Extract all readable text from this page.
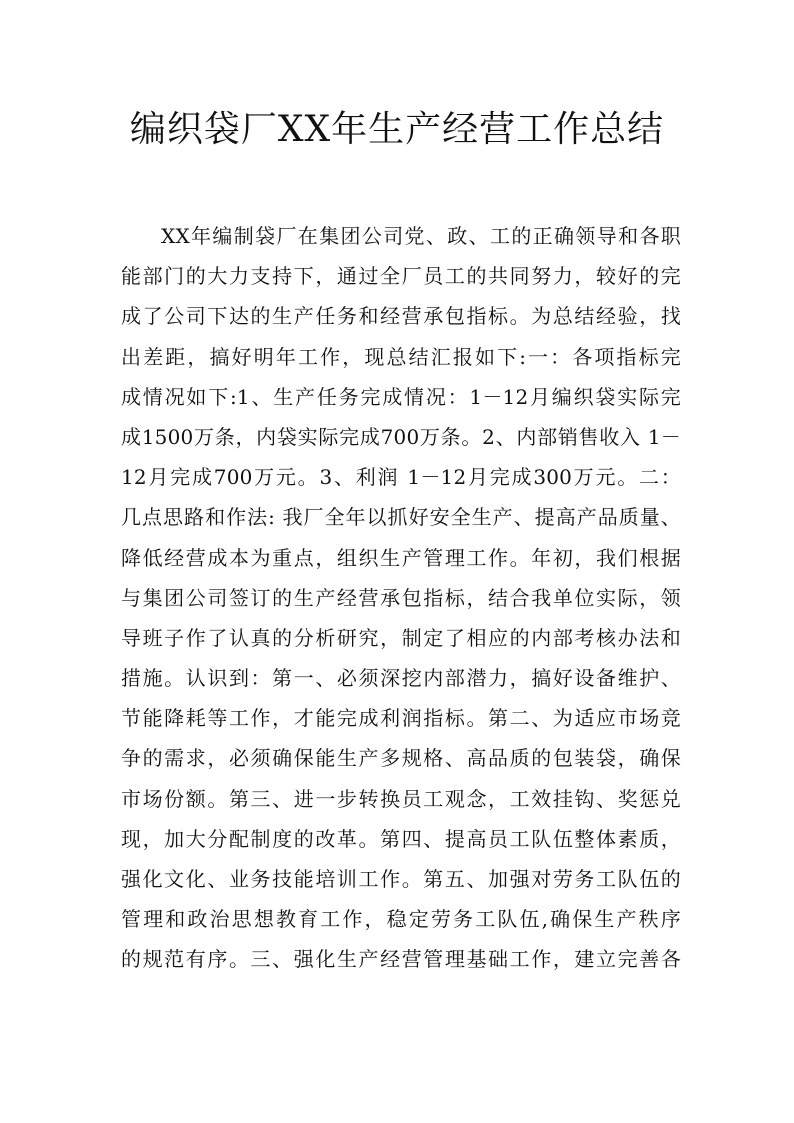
编织袋厂XX年生产经营工作总结
XX年编制袋厂在集团公司党、政、工的正确领导和各职
能部门的大力支持下，通过全厂员工的共同努力，较好的完
成了公司下达的生产任务和经营承包指标。为总结经验，找
出差距，搞好明年工作，现总结汇报如下:一：各项指标完
成情况如下:1、生产任务完成情况：1－12月编织袋实际完
成1500万条，内袋实际完成700万条。2、内部销售收入 1－
12月完成700万元。3、利润 1－12月完成300万元。二：
几点思路和作法: 我厂全年以抓好安全生产、提高产品质量、
降低经营成本为重点，组织生产管理工作。年初，我们根据
与集团公司签订的生产经营承包指标，结合我单位实际，领
导班子作了认真的分析研究，制定了相应的内部考核办法和
措施。认识到：第一、必须深挖内部潜力，搞好设备维护、
节能降耗等工作，才能完成利润指标。第二、为适应市场竞
争的需求，必须确保能生产多规格、高品质的包装袋，确保
市场份额。第三、进一步转换员工观念，工效挂钩、奖惩兑
现，加大分配制度的改革。第四、提高员工队伍整体素质，
强化文化、业务技能培训工作。第五、加强对劳务工队伍的
管理和政治思想教育工作，稳定劳务工队伍,确保生产秩序
的规范有序。三、强化生产经营管理基础工作，建立完善各
